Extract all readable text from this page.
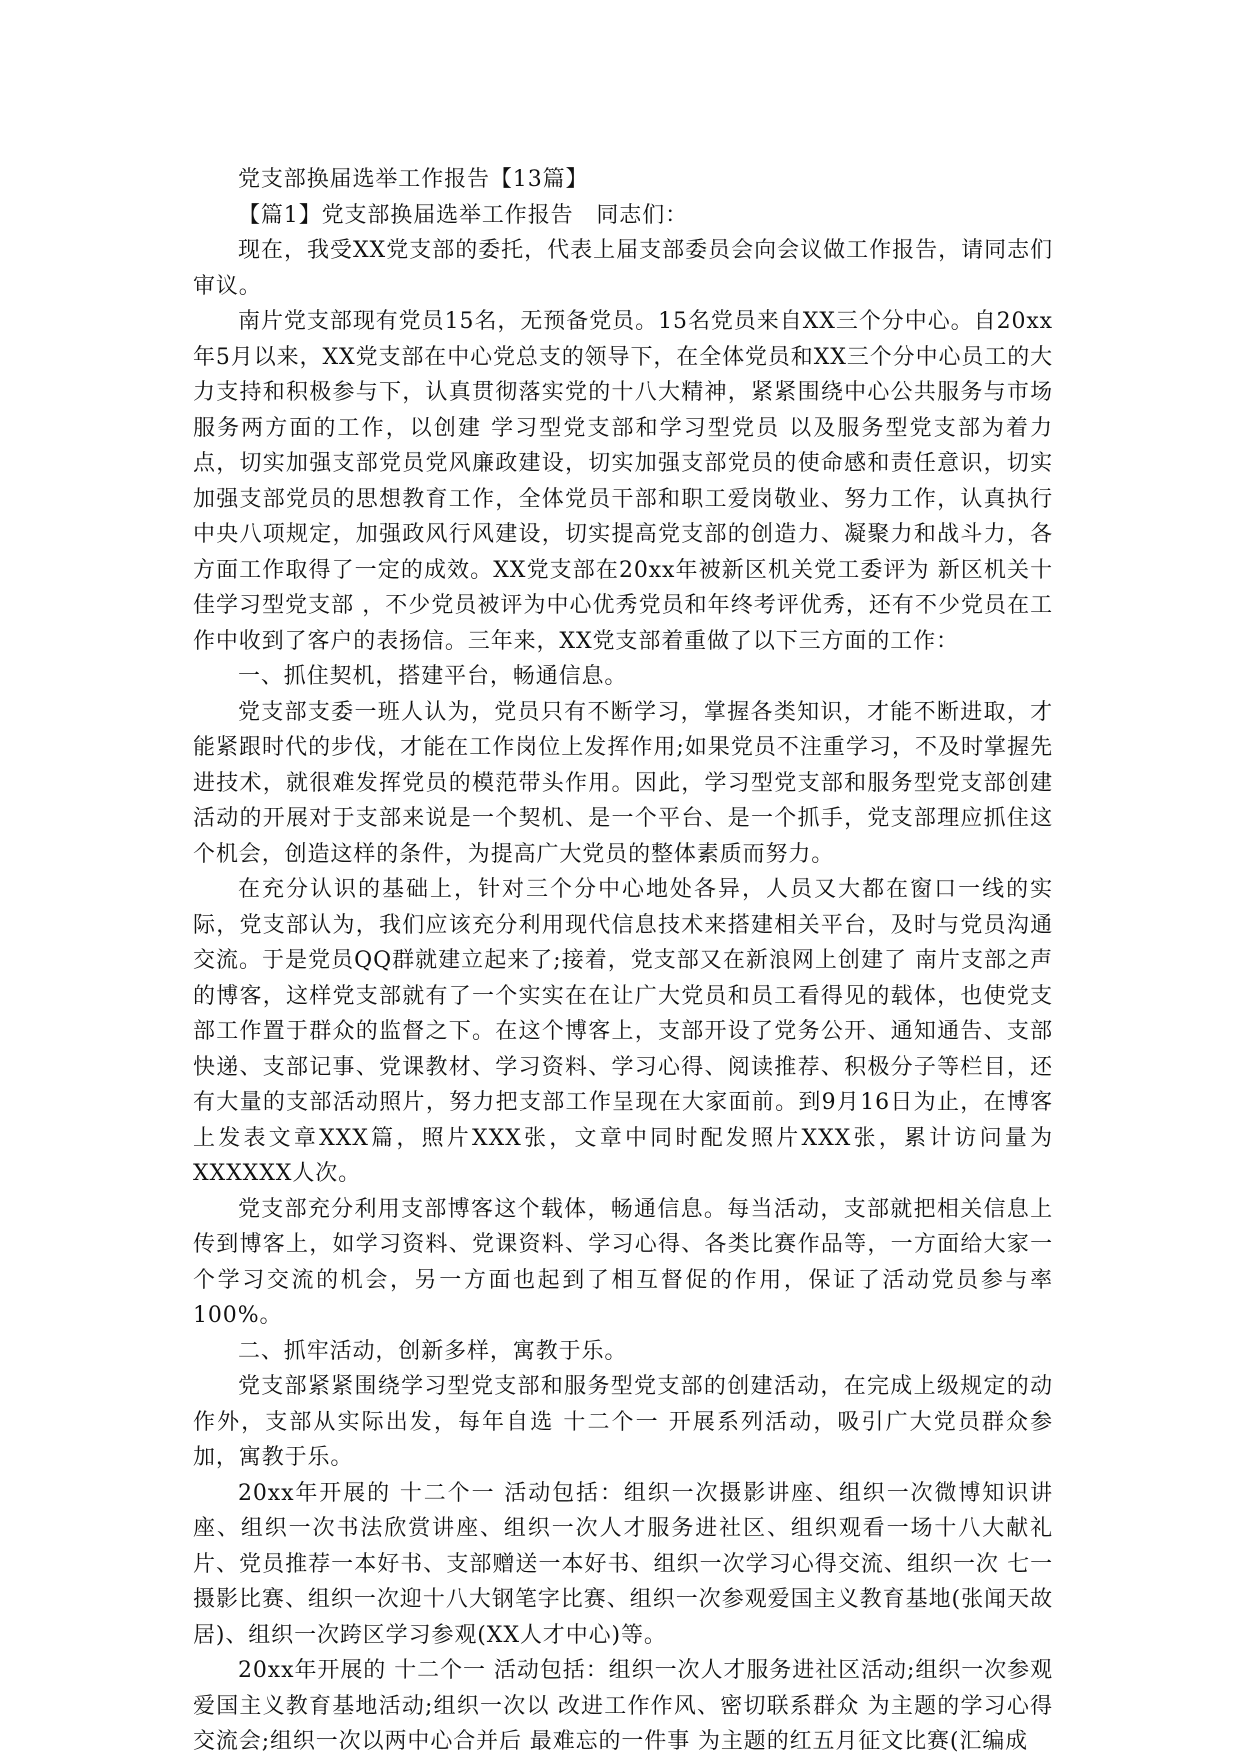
党支部换届选举工作报告【13篇】

【篇1】党支部换届选举工作报告　同志们：

现在，我受XX党支部的委托，代表上届支部委员会向会议做工作报告，请同志们审议。

南片党支部现有党员15名，无预备党员。15名党员来自XX三个分中心。自20xx年5月以来，XX党支部在中心党总支的领导下，在全体党员和XX三个分中心员工的大力支持和积极参与下，认真贯彻落实党的十八大精神，紧紧围绕中心公共服务与市场服务两方面的工作，以创建 学习型党支部和学习型党员 以及服务型党支部为着力点，切实加强支部党员党风廉政建设，切实加强支部党员的使命感和责任意识，切实加强支部党员的思想教育工作，全体党员干部和职工爱岗敬业、努力工作，认真执行中央八项规定，加强政风行风建设，切实提高党支部的创造力、凝聚力和战斗力，各方面工作取得了一定的成效。XX党支部在20xx年被新区机关党工委评为 新区机关十佳学习型党支部 ，不少党员被评为中心优秀党员和年终考评优秀，还有不少党员在工作中收到了客户的表扬信。三年来，XX党支部着重做了以下三方面的工作：

一、抓住契机，搭建平台，畅通信息。

党支部支委一班人认为，党员只有不断学习，掌握各类知识，才能不断进取，才能紧跟时代的步伐，才能在工作岗位上发挥作用;如果党员不注重学习，不及时掌握先进技术，就很难发挥党员的模范带头作用。因此，学习型党支部和服务型党支部创建活动的开展对于支部来说是一个契机、是一个平台、是一个抓手，党支部理应抓住这个机会，创造这样的条件，为提高广大党员的整体素质而努力。

在充分认识的基础上，针对三个分中心地处各异，人员又大都在窗口一线的实际，党支部认为，我们应该充分利用现代信息技术来搭建相关平台，及时与党员沟通交流。于是党员QQ群就建立起来了;接着，党支部又在新浪网上创建了 南片支部之声 的博客，这样党支部就有了一个实实在在让广大党员和员工看得见的载体，也使党支部工作置于群众的监督之下。在这个博客上，支部开设了党务公开、通知通告、支部快递、支部记事、党课教材、学习资料、学习心得、阅读推荐、积极分子等栏目，还有大量的支部活动照片，努力把支部工作呈现在大家面前。到9月16日为止，在博客上发表文章XXX篇，照片XXX张，文章中同时配发照片XXX张，累计访问量为XXXXXX人次。

党支部充分利用支部博客这个载体，畅通信息。每当活动，支部就把相关信息上传到博客上，如学习资料、党课资料、学习心得、各类比赛作品等，一方面给大家一个学习交流的机会，另一方面也起到了相互督促的作用，保证了活动党员参与率100%。

二、抓牢活动，创新多样，寓教于乐。

党支部紧紧围绕学习型党支部和服务型党支部的创建活动，在完成上级规定的动作外，支部从实际出发，每年自选 十二个一 开展系列活动，吸引广大党员群众参加，寓教于乐。

20xx年开展的 十二个一 活动包括：组织一次摄影讲座、组织一次微博知识讲座、组织一次书法欣赏讲座、组织一次人才服务进社区、组织观看一场十八大献礼片、党员推荐一本好书、支部赠送一本好书、组织一次学习心得交流、组织一次 七一 摄影比赛、组织一次迎十八大钢笔字比赛、组织一次参观爱国主义教育基地(张闻天故居)、组织一次跨区学习参观(XX人才中心)等。

20xx年开展的 十二个一 活动包括：组织一次人才服务进社区活动;组织一次参观爱国主义教育基地活动;组织一次以 改进工作作风、密切联系群众 为主题的学习心得交流会;组织一次以两中心合并后 最难忘的一件事 为主题的红五月征文比赛(汇编成
